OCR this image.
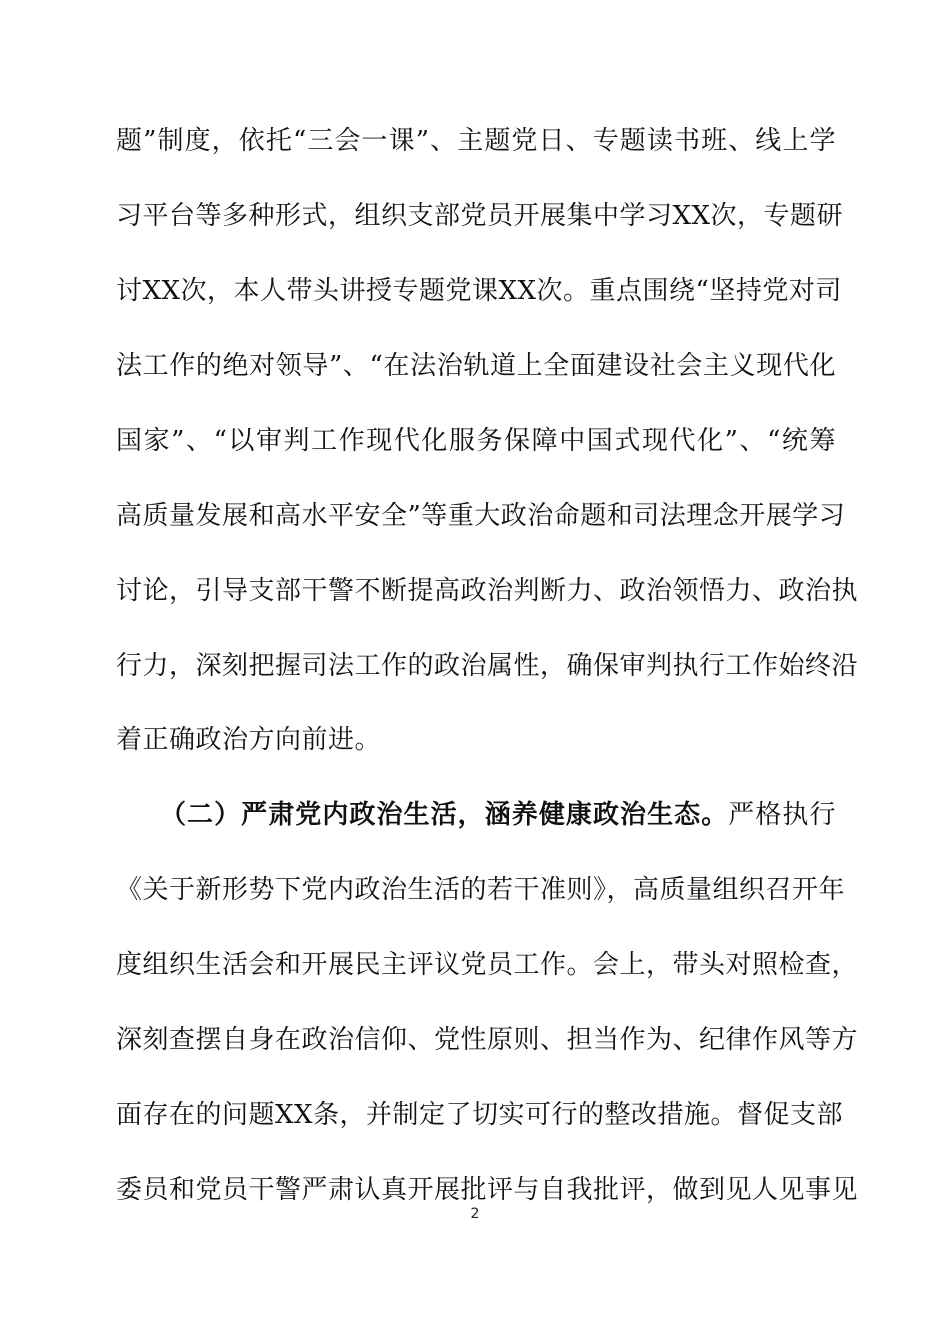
题”制度，依托“三会一课”、主题党日、专题读书班、线上学
习平台等多种形式，组织支部党员开展集中学习XX次，专题研
讨XX次，本人带头讲授专题党课XX次。重点围绕“坚持党对司
法工作的绝对领导”、“在法治轨道上全面建设社会主义现代化
国家”、“以审判工作现代化服务保障中国式现代化”、“统筹
高质量发展和高水平安全”等重大政治命题和司法理念开展学习
讨论，引导支部干警不断提高政治判断力、政治领悟力、政治执
行力，深刻把握司法工作的政治属性，确保审判执行工作始终沿
着正确政治方向前进。
（二）严肃党内政治生活，涵养健康政治生态。严格执行
《关于新形势下党内政治生活的若干准则》，高质量组织召开年
度组织生活会和开展民主评议党员工作。会上，带头对照检查，
深刻查摆自身在政治信仰、党性原则、担当作为、纪律作风等方
面存在的问题XX条，并制定了切实可行的整改措施。督促支部
委员和党员干警严肃认真开展批评与自我批评，做到见人见事见
2
